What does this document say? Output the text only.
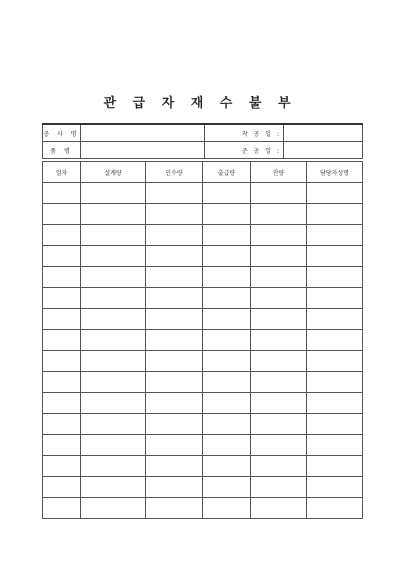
관 급 자 재 수 불 부
공 사 명		착 공 일 :	
품 명		준 공 일 :	
일자	설계량	인수량	출급량	잔량	담당자성명
